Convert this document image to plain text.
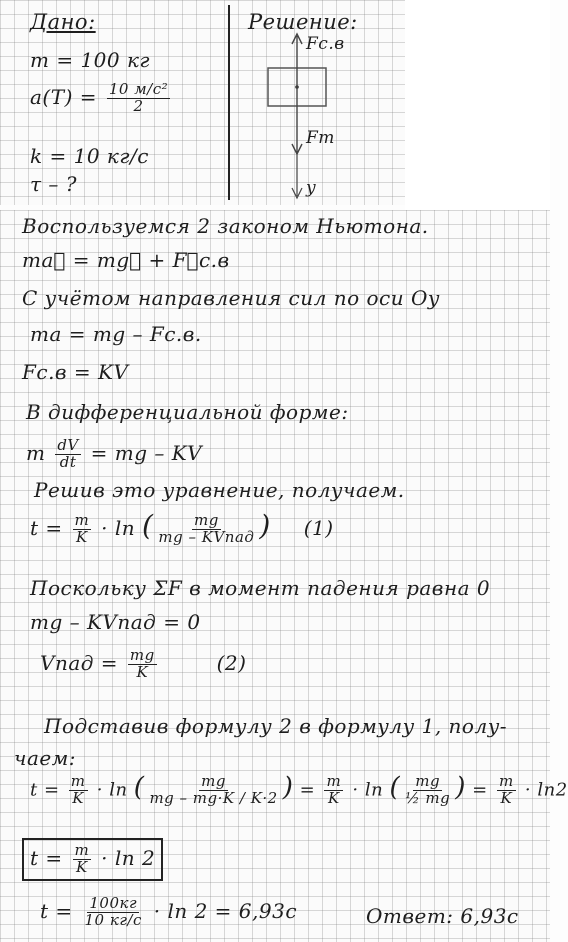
Дано:
m = 100 кг
$a(T) = \frac{\text{10 м/с²}}{2}$
k = 10 кг/с
τ – ?
Решение:
Fс.в
Fт
y
Воспользуемся 2 законом Ньютона.
ma⃗ = mg⃗ + F⃗с.в
С учётом направления сил по оси Оy
ma = mg – Fс.в.
Fс.в = KV
В дифференциальной форме:
m $\frac{dV}{dt}$ = mg – KV
Решив это уравнение, получаем.
$t = \frac{m}{K} \cdot \ln$ ( $\frac{mg}{\text{mg – KVпад}}$ ) (1)
Поскольку ΣF в момент падения равна 0
mg – KVпад = 0
Vпад = $\frac{mg}{K}$	(2)
Подставив формулу 2 в формулу 1, полу-
чаем:
$t = \frac{m}{K} \cdot \ln$ ( $\frac{mg}{mg - mg\cdot K / K\cdot 2}$ ) = $\frac{m}{K} \cdot \ln$ ( $\frac{mg}{\text{½ mg}}$ ) = $\frac{m}{K} \cdot \ln 2$
$t = \frac{m}{K} \cdot \ln 2$
$t = \frac{100кг}{10 кг/с} \cdot \ln 2 = 6,93с$	Ответ: 6,93с
